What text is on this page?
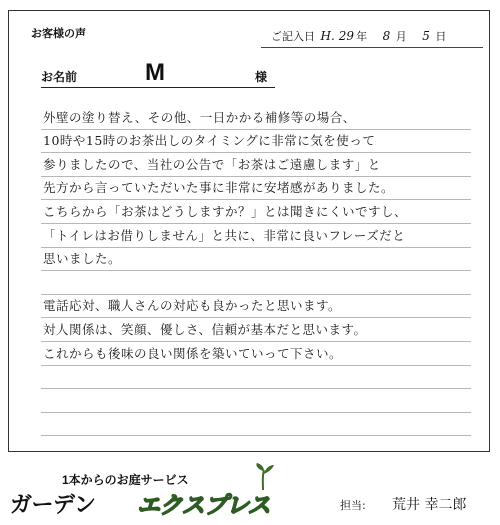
お客様の声	ご記入日 H. 29 年 8 月 5 日
お名前	M	様
外壁の塗り替え、その他、一日かかる補修等の場合、
10時や15時のお茶出しのタイミングに非常に気を使って
参りましたので、当社の公告で「お茶はご遠慮します」と
先方から言っていただいた事に非常に安堵感がありました。
こちらから「お茶はどうしますか？」とは聞きにくいですし、
「トイレはお借りしません」と共に、非常に良いフレーズだと
思いました。
電話応対、職人さんの対応も良かったと思います。
対人関係は、笑顔、優しさ、信頼が基本だと思います。
これからも後味の良い関係を築いていって下さい。
1本からのお庭サービス
ガーデン エクスプレス	担当: 荒井 幸二郎
